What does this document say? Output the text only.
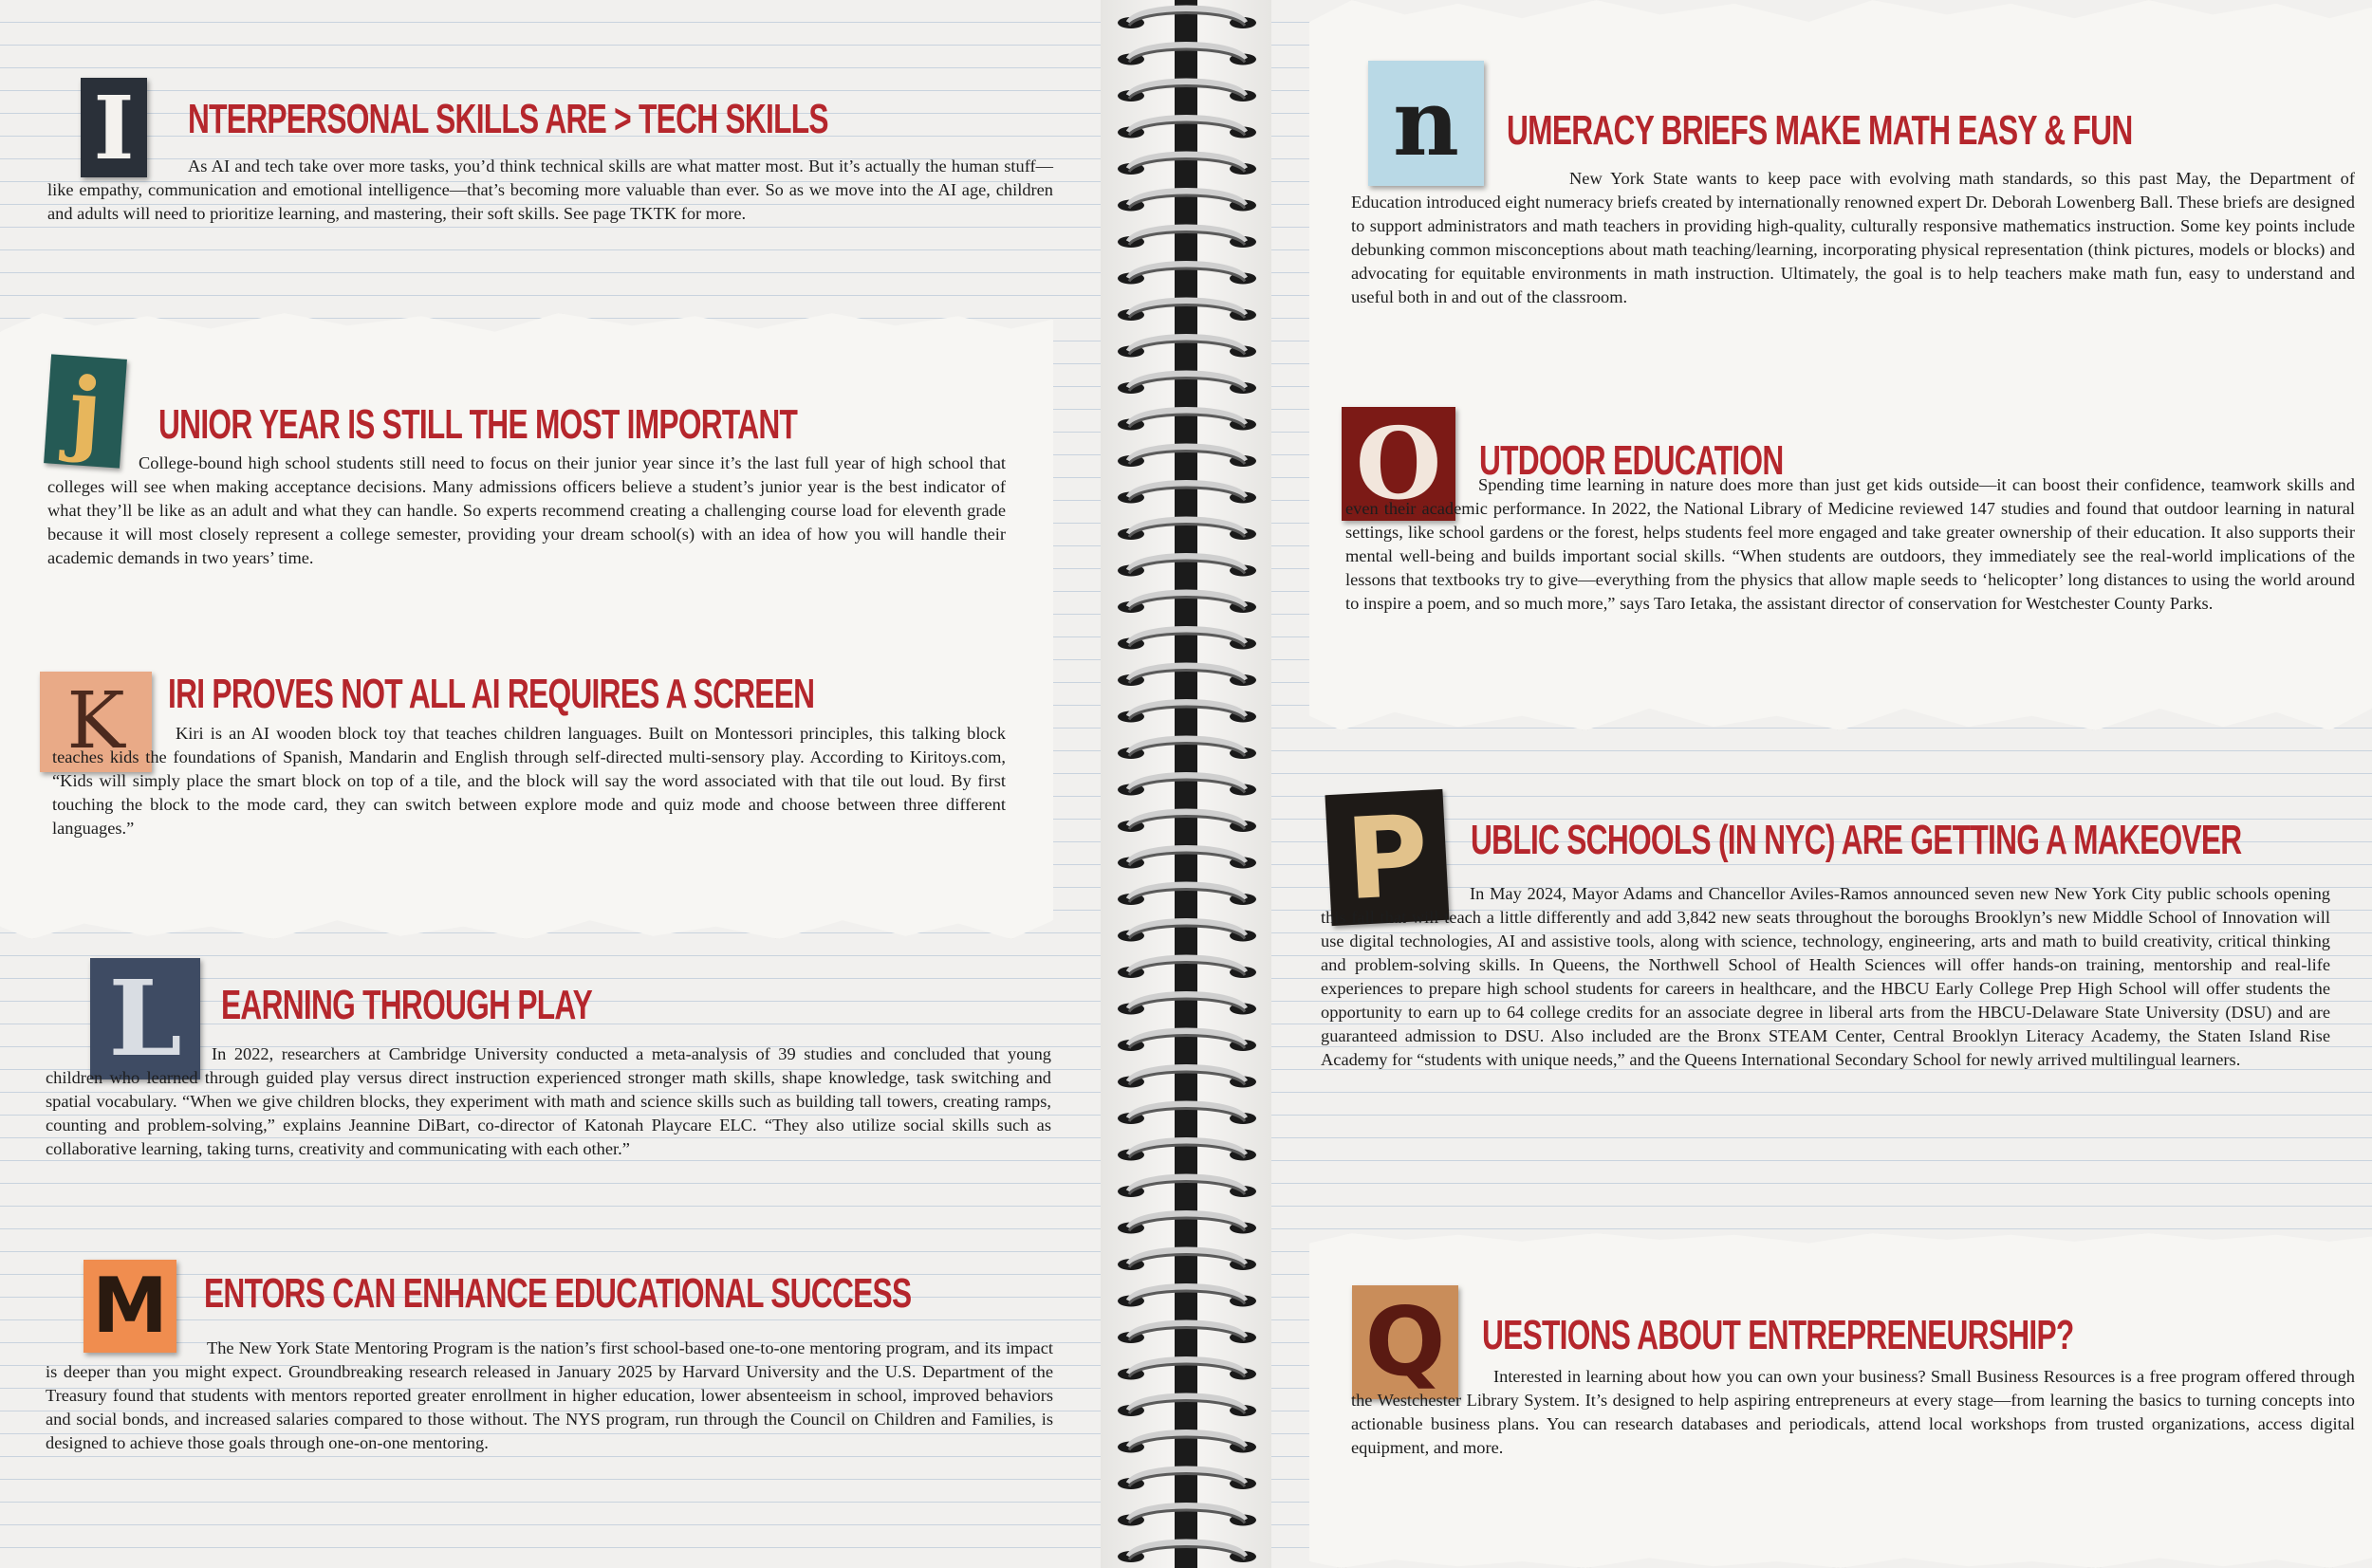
I	NTERPERSONAL SKILLS ARE > TECH SKILLS

As AI and tech take over more tasks, you’d think technical skills are what matter most. But it’s actually the human stuff—like empathy, communication and emotional intelligence—that’s becoming more valuable than ever. So as we move into the AI age, children and adults will need to prioritize learning, and mastering, their soft skills. See page TKTK for more.

j	UNIOR YEAR IS STILL THE MOST IMPORTANT

College-bound high school students still need to focus on their junior year since it’s the last full year of high school that colleges will see when making acceptance decisions. Many admissions officers believe a student’s junior year is the best indicator of what they’ll be like as an adult and what they can handle. So experts recommend creating a challenging course load for eleventh grade because it will most closely represent a college semester, providing your dream school(s) with an idea of how you will handle their academic demands in two years’ time.

K	IRI PROVES NOT ALL AI REQUIRES A SCREEN

Kiri is an AI wooden block toy that teaches children languages. Built on Montessori principles, this talking block teaches kids the foundations of Spanish, Mandarin and English through self-directed multi-sensory play. According to Kiritoys.com, “Kids will simply place the smart block on top of a tile, and the block will say the word associated with that tile out loud. By first touching the block to the mode card, they can switch between explore mode and quiz mode and choose between three different languages.”

L EARNING THROUGH PLAY

In 2022, researchers at Cambridge University conducted a meta-analysis of 39 studies and concluded that young children who learned through guided play versus direct instruction experienced stronger math skills, shape knowledge, task switching and spatial vocabulary. “When we give children blocks, they experiment with math and science skills such as building tall towers, creating ramps, counting and problem-solving,” explains Jeannine DiBart, co-director of Katonah Playcare ELC. “They also utilize social skills such as collaborative learning, taking turns, creativity and communicating with each other.”

M ENTORS CAN ENHANCE EDUCATIONAL SUCCESS

The New York State Mentoring Program is the nation’s first school-based one-to-one mentoring program, and its impact is deeper than you might expect. Groundbreaking research released in January 2025 by Harvard University and the U.S. Department of the Treasury found that students with mentors reported greater enrollment in higher education, lower absenteeism in school, improved behaviors and social bonds, and increased salaries compared to those without. The NYS program, run through the Council on Children and Families, is designed to achieve those goals through one-on-one mentoring.

n	UMERACY BRIEFS MAKE MATH EASY & FUN

New York State wants to keep pace with evolving math standards, so this past May, the Department of Education introduced eight numeracy briefs created by internationally renowned expert Dr. Deborah Lowenberg Ball. These briefs are designed to support administrators and math teachers in providing high-quality, culturally responsive mathematics instruction. Some key points include debunking common misconceptions about math teaching/learning, incorporating physical representation (think pictures, models or blocks) and advocating for equitable environments in math instruction. Ultimately, the goal is to help teachers make math fun, easy to understand and useful both in and out of the classroom.

O UTDOOR EDUCATION

Spending time learning in nature does more than just get kids outside—it can boost their confidence, teamwork skills and even their academic performance. In 2022, the National Library of Medicine reviewed 147 studies and found that outdoor learning in natural settings, like school gardens or the forest, helps students feel more engaged and take greater ownership of their education. It also supports their mental well-being and builds important social skills. “When students are outdoors, they immediately see the real-world implications of the lessons that textbooks try to give—everything from the physics that allow maple seeds to ‘helicopter’ long distances to using the world around to inspire a poem, and so much more,” says Taro Ietaka, the assistant director of conservation for Westchester County Parks.

P UBLIC SCHOOLS (IN NYC) ARE GETTING A MAKEOVER

In May 2024, Mayor Adams and Chancellor Aviles-Ramos announced seven new New York City public schools opening this fall that will teach a little differently and add 3,842 new seats throughout the boroughs Brooklyn’s new Middle School of Innovation will use digital technologies, AI and assistive tools, along with science, technology, engineering, arts and math to build creativity, critical thinking and problem-solving skills. In Queens, the Northwell School of Health Sciences will offer hands-on training, mentorship and real-life experiences to prepare high school students for careers in healthcare, and the HBCU Early College Prep High School will offer students the opportunity to earn up to 64 college credits for an associate degree in liberal arts from the HBCU-Delaware State University (DSU) and are guaranteed admission to DSU. Also included are the Bronx STEAM Center, Central Brooklyn Literacy Academy, the Staten Island Rise Academy for “students with unique needs,” and the Queens International Secondary School for newly arrived multilingual learners.

Q UESTIONS ABOUT ENTREPRENEURSHIP?

Interested in learning about how you can own your business? Small Business Resources is a free program offered through the Westchester Library System. It’s designed to help aspiring entrepreneurs at every stage—from learning the basics to turning concepts into actionable business plans. You can research databases and periodicals, attend local workshops from trusted organizations, access digital equipment, and more.
